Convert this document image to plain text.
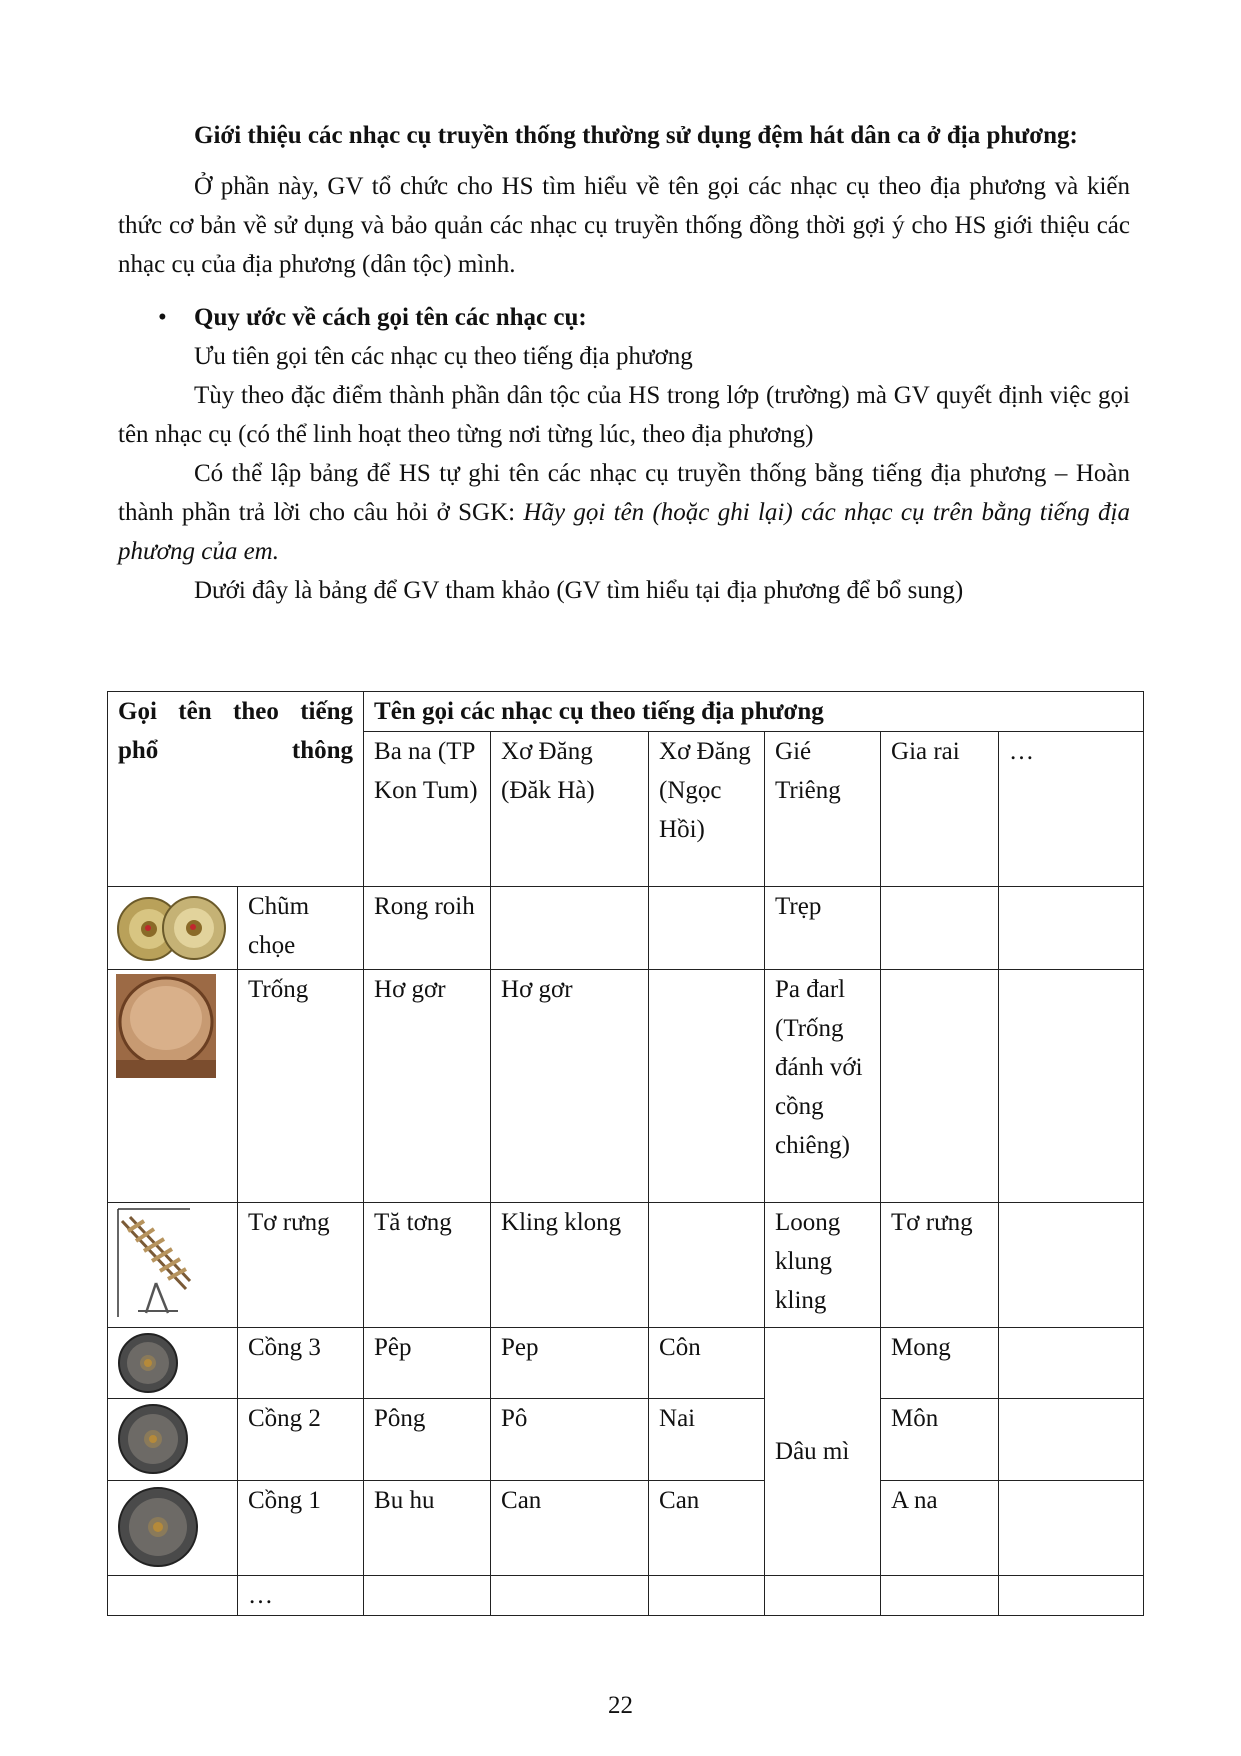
Giới thiệu các nhạc cụ truyền thống thường sử dụng đệm hát dân ca ở địa phương:

Ở phần này, GV tổ chức cho HS tìm hiểu về tên gọi các nhạc cụ theo địa phương và kiến thức cơ bản về sử dụng và bảo quản các nhạc cụ truyền thống đồng thời gợi ý cho HS giới thiệu các nhạc cụ của địa phương (dân tộc) mình.

• Quy ước về cách gọi tên các nhạc cụ:

Ưu tiên gọi tên các nhạc cụ theo tiếng địa phương

Tùy theo đặc điểm thành phần dân tộc của HS trong lớp (trường) mà GV quyết định việc gọi tên nhạc cụ (có thể linh hoạt theo từng nơi từng lúc, theo địa phương)

Có thể lập bảng để HS tự ghi tên các nhạc cụ truyền thống bằng tiếng địa phương – Hoàn thành phần trả lời cho câu hỏi ở SGK: Hãy gọi tên (hoặc ghi lại) các nhạc cụ trên bằng tiếng địa phương của em.

Dưới đây là bảng để GV tham khảo (GV tìm hiểu tại địa phương để bổ sung)

Gọi tên theo tiếng phổ thông		Tên gọi các nhạc cụ theo tiếng địa phương					
		Ba na (TP Kon Tum)	Xơ Đăng (Đăk Hà)	Xơ Đăng (Ngọc Hồi)	Gié Triêng	Gia rai	…

	Chũm chọe	Rong roih			Trẹp		

	Trống	Hơ gơr	Hơ gơr		Pa đarl (Trống đánh với cồng chiêng)		

	Tơ rưng	Tă tơng	Kling klong		Loong klung kling	Tơ rưng	

	Cồng 3	Pêp	Pep	Côn	Dâu mì	Mong	

	Cồng 2	Pông	Pô	Nai		Môn	

	Cồng 1	Bu hu	Can	Can		A na	
	…						
22
